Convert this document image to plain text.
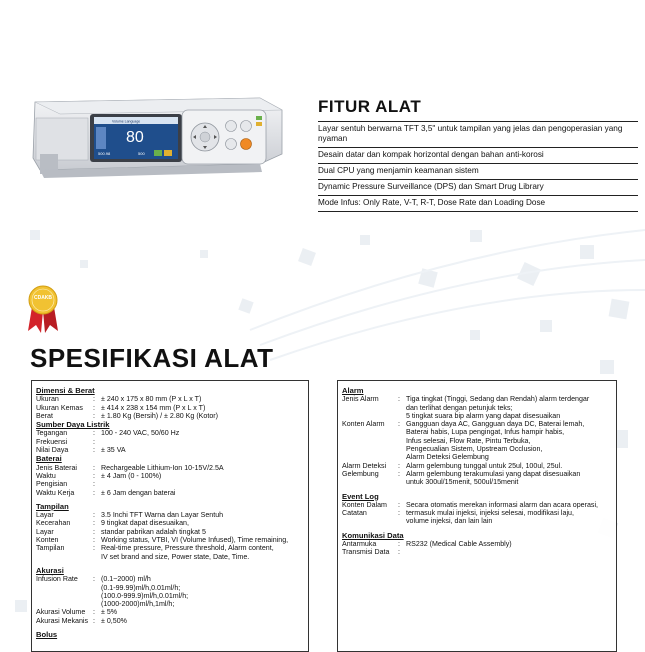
Volume Language
80
500.98	500
FITUR ALAT
Layar sentuh berwarna TFT 3,5" untuk tampilan yang jelas dan pengoperasian yang nyaman
Desain datar dan kompak horizontal dengan bahan anti-korosi
Dual CPU yang menjamin keamanan sistem
Dynamic Pressure Surveillance (DPS) dan Smart Drug Library
Mode Infus: Only Rate, V-T, R-T, Dose Rate dan Loading Dose
CDAKB
SPESIFIKASI ALAT
Dimensi & Berat
Ukuran	: ± 240 x 175 x 80 mm (P x L x T)
Ukuran Kemas	: ± 414 x 238 x 154 mm (P x L x T)
Berat	: ± 1.80 Kg (Bersih) / ± 2.80 Kg (Kotor)
Sumber Daya Listrik
Tegangan	: 100 - 240 VAC, 50/60 Hz
Frekuensi	:
Nilai Daya	: ± 35 VA
Baterai
Jenis Baterai	: Rechargeable Lithium-Ion 10-15V/2.5A
Waktu	: ± 4 Jam (0 - 100%)
Pengisian	:
Waktu Kerja	: ± 6 Jam dengan baterai
Tampilan
Layar	: 3.5 Inchi TFT Warna dan Layar Sentuh
Kecerahan	: 9 tingkat dapat disesuaikan,
Layar	: standar pabrikan adalah tingkat 5
Konten	: Working status, VTBI, VI (Volume Infused), Time remaining,
Tampilan	: Real-time pressure, Pressure threshold, Alarm content,
IV set brand and size, Power state, Date, Time.
Akurasi
Infusion Rate	: (0.1~2000) ml/h
(0.1-99.99)ml/h,0.01ml/h;
(100.0-999.9)ml/h,0.01ml/h;
(1000-2000)ml/h,1ml/h;
Akurasi Volume	: ± 5%
Akurasi Mekanis : ± 0,50%
Bolus
Alarm
Jenis Alarm	: Tiga tingkat (Tinggi, Sedang dan Rendah) alarm terdengar
dan terlihat dengan petunjuk teks;
5 tingkat suara bip alarm yang dapat disesuaikan
Konten Alarm	: Gangguan daya AC, Gangguan daya DC, Baterai lemah,
Baterai habis, Lupa pengingat, Infus hampir habis,
Infus selesai, Flow Rate, Pintu Terbuka,
Pengecualian Sistem, Upstream Occlusion,
Alarm Deteksi Gelembung
Alarm Deteksi	: Alarm gelembung tunggal untuk 25ul, 100ul, 25ul.
Gelembung	: Alarm gelembung terakumulasi yang dapat disesuaikan
untuk 300ul/15menit, 500ul/15menit
Event Log
Konten Dalam	: Secara otomatis merekan informasi alarm dan acara operasi,
Catatan	: termasuk mulai injeksi, injeksi selesai, modifikasi laju,
volume injeksi, dan lain lain
Komunikasi Data
Antarmuka	: RS232 (Medical Cable Assembly)
Transmisi Data	:
